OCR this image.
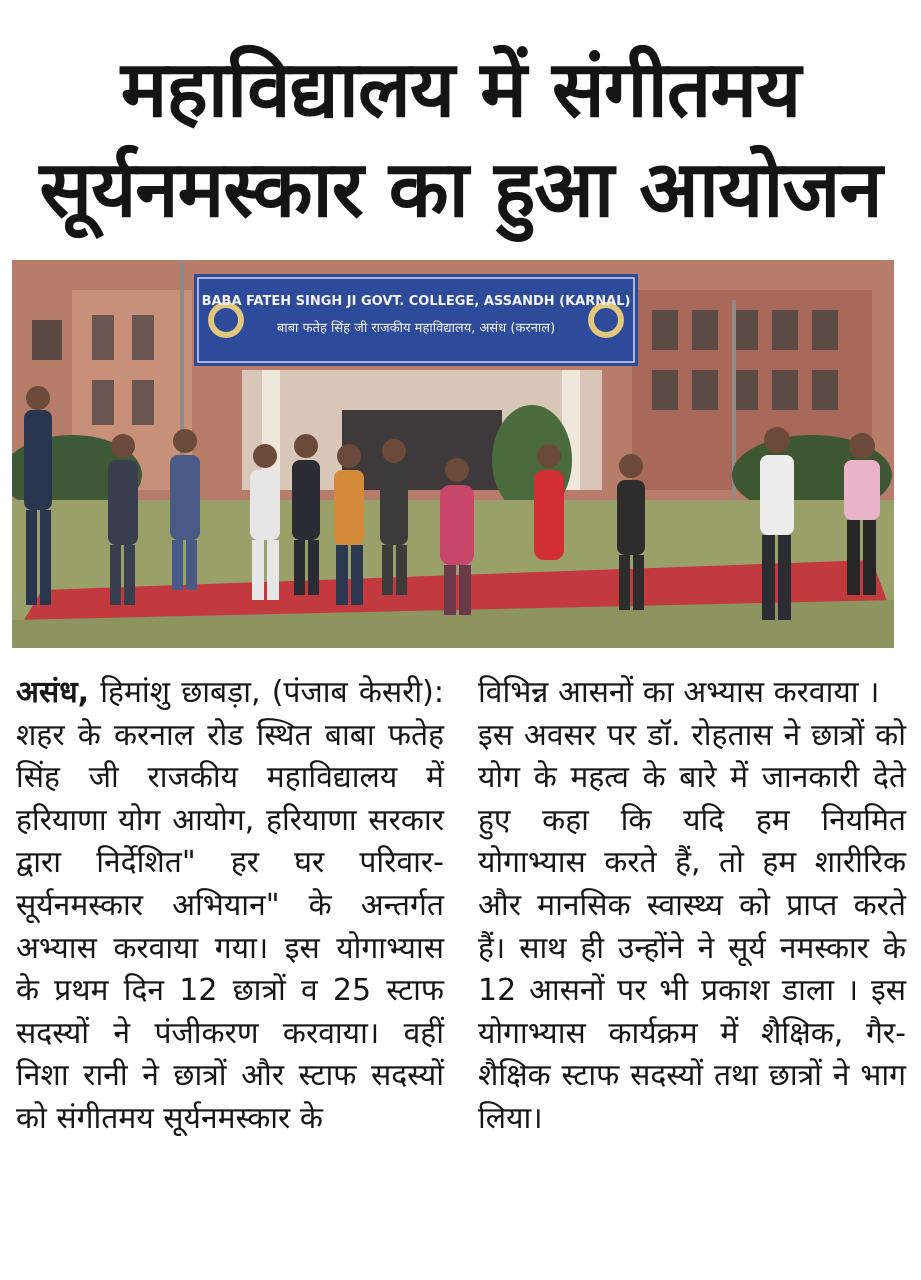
महाविद्यालय में संगीतमय
सूर्यनमस्कार का हुआ आयोजन
BABA FATEH SINGH JI GOVT. COLLEGE, ASSANDH (KARNAL)
बाबा फतेह सिंह जी राजकीय महाविद्यालय, असंध (करनाल)

असंध, हिमांशु छाबड़ा, (पंजाब केसरी): शहर के करनाल रोड स्थित बाबा फतेह सिंह जी राजकीय महाविद्यालय में हरियाणा योग आयोग, हरियाणा सरकार द्वारा निर्देशित" हर घर परिवार-सूर्यनमस्कार अभियान" के अन्तर्गत अभ्यास करवाया गया। इस योगाभ्यास के प्रथम दिन 12 छात्रों व 25 स्टाफ सदस्यों ने पंजीकरण करवाया। वहीं निशा रानी ने छात्रों और स्टाफ सदस्यों को संगीतमय सूर्यनमस्कार के

विभिन्न आसनों का अभ्यास करवाया ।

इस अवसर पर डॉ. रोहतास ने छात्रों को योग के महत्व के बारे में जानकारी देते हुए कहा कि यदि हम नियमित योगाभ्यास करते हैं, तो हम शारीरिक और मानसिक स्वास्थ्य को प्राप्त करते हैं। साथ ही उन्होंने ने सूर्य नमस्कार के 12 आसनों पर भी प्रकाश डाला । इस योगाभ्यास कार्यक्रम में शैक्षिक, गैर- शैक्षिक स्टाफ सदस्यों तथा छात्रों ने भाग लिया।
